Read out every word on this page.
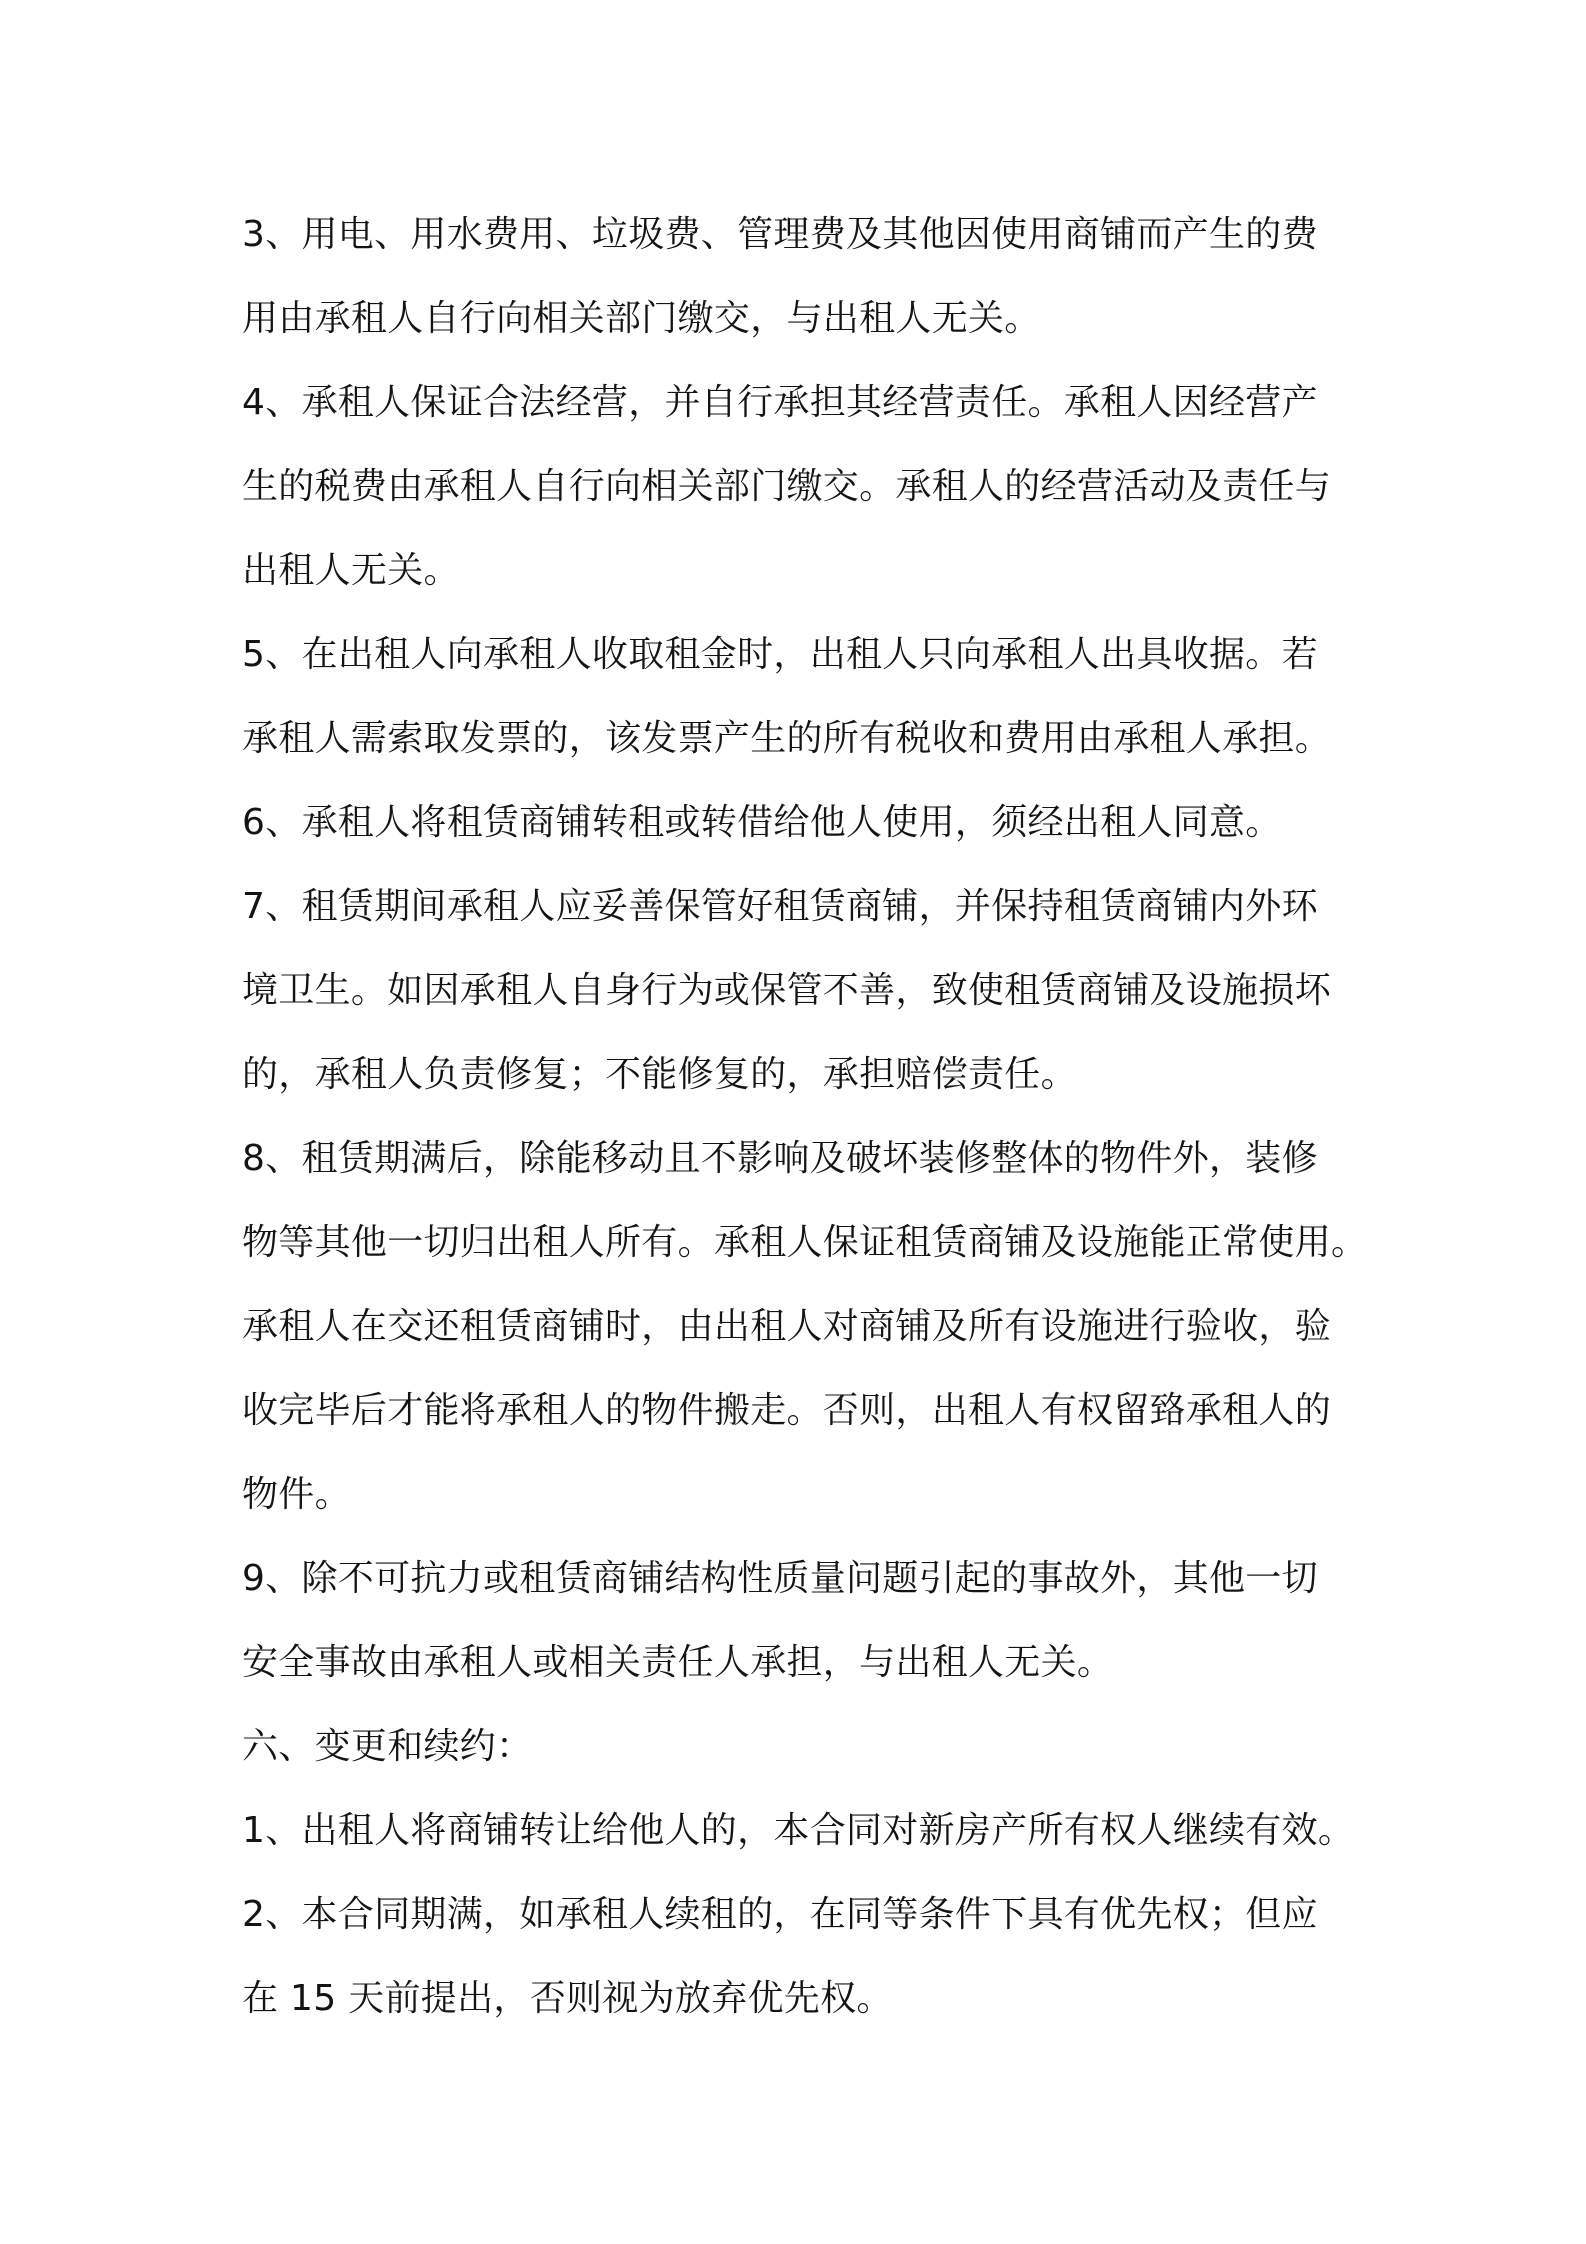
3、用电、用水费用、垃圾费、管理费及其他因使用商铺而产生的费
用由承租人自行向相关部门缴交，与出租人无关。
4、承租人保证合法经营，并自行承担其经营责任。承租人因经营产
生的税费由承租人自行向相关部门缴交。承租人的经营活动及责任与
出租人无关。
5、在出租人向承租人收取租金时，出租人只向承租人出具收据。若
承租人需索取发票的，该发票产生的所有税收和费用由承租人承担。
6、承租人将租赁商铺转租或转借给他人使用，须经出租人同意。
7、租赁期间承租人应妥善保管好租赁商铺，并保持租赁商铺内外环
境卫生。如因承租人自身行为或保管不善，致使租赁商铺及设施损坏
的，承租人负责修复；不能修复的，承担赔偿责任。
8、租赁期满后，除能移动且不影响及破坏装修整体的物件外，装修
物等其他一切归出租人所有。承租人保证租赁商铺及设施能正常使用。
承租人在交还租赁商铺时，由出租人对商铺及所有设施进行验收，验
收完毕后才能将承租人的物件搬走。否则，出租人有权留臵承租人的
物件。
9、除不可抗力或租赁商铺结构性质量问题引起的事故外，其他一切
安全事故由承租人或相关责任人承担，与出租人无关。
六、变更和续约：
1、出租人将商铺转让给他人的，本合同对新房产所有权人继续有效。
2、本合同期满，如承租人续租的，在同等条件下具有优先权；但应
在 15 天前提出，否则视为放弃优先权。
